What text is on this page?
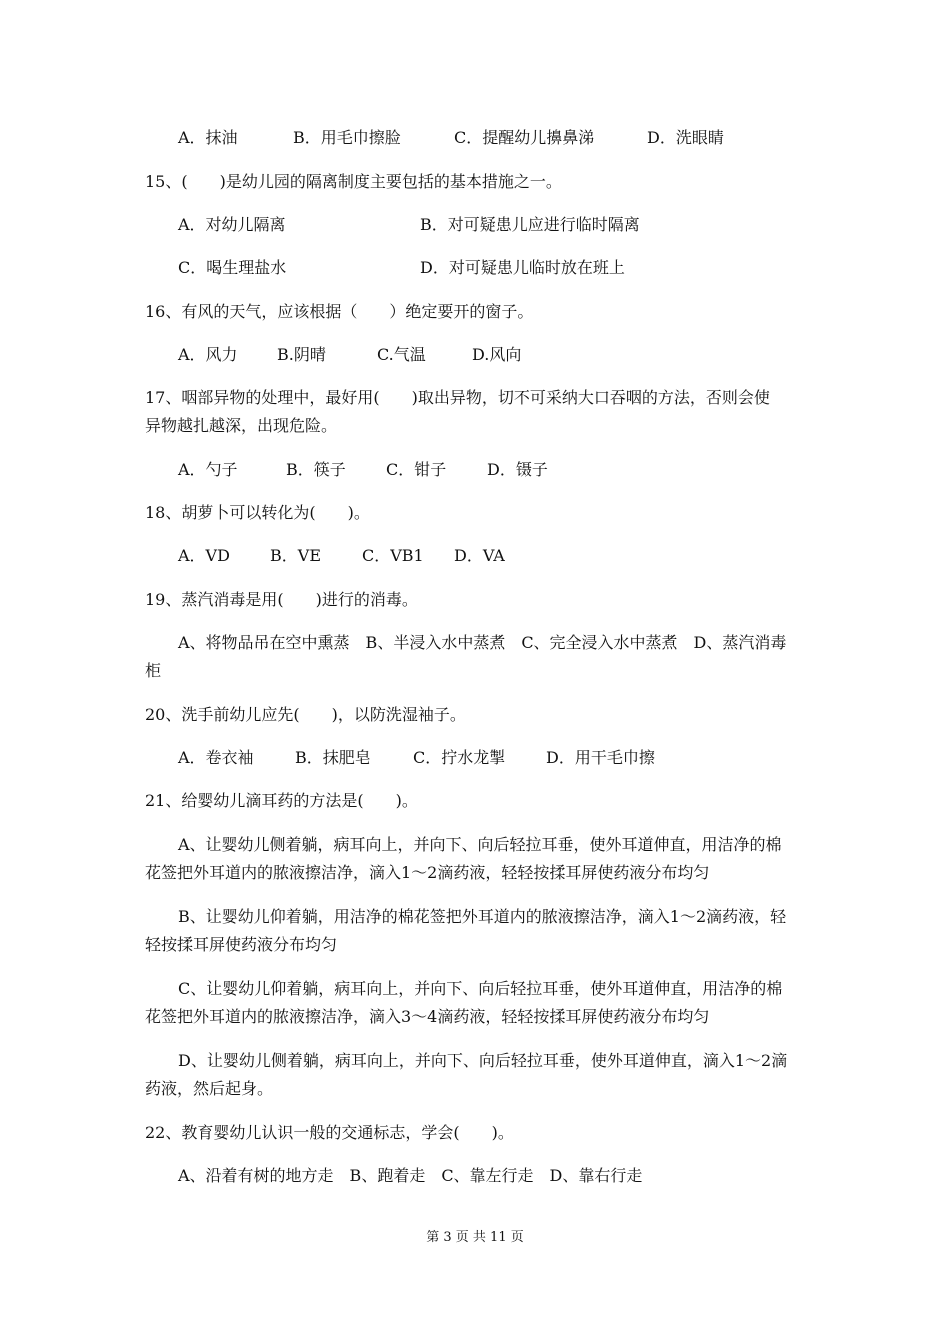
A．抹油	B．用毛巾擦脸	C．提醒幼儿擤鼻涕	D．洗眼睛
15、(　　)是幼儿园的隔离制度主要包括的基本措施之一。
A．对幼儿隔离	B．对可疑患儿应进行临时隔离
C．喝生理盐水	D．对可疑患儿临时放在班上
16、有风的天气，应该根据（　　）绝定要开的窗子。
A．风力 B.阴晴	C.气温	D.风向
17、咽部异物的处理中，最好用(　　)取出异物，切不可采纳大口吞咽的方法，否则会使
异物越扎越深，出现危险。
A．勺子	B．筷子	C．钳子	D．镊子
18、胡萝卜可以转化为(　　)。
A．VD	B．VE	C．VB1 D．VA
19、蒸汽消毒是用(　　)进行的消毒。
A、将物品吊在空中熏蒸　B、半浸入水中蒸煮　C、完全浸入水中蒸煮　D、蒸汽消毒
柜
20、洗手前幼儿应先(　　)，以防洗湿袖子。
A．卷衣袖	B．抹肥皂	C．拧水龙掣	D．用干毛巾擦
21、给婴幼儿滴耳药的方法是(　　)。
A、让婴幼儿侧着躺，病耳向上，并向下、向后轻拉耳垂，使外耳道伸直，用洁净的棉
花签把外耳道内的脓液擦洁净，滴入1～2滴药液，轻轻按揉耳屏使药液分布均匀
B、让婴幼儿仰着躺，用洁净的棉花签把外耳道内的脓液擦洁净，滴入1～2滴药液，轻
轻按揉耳屏使药液分布均匀
C、让婴幼儿仰着躺，病耳向上，并向下、向后轻拉耳垂，使外耳道伸直，用洁净的棉
花签把外耳道内的脓液擦洁净，滴入3～4滴药液，轻轻按揉耳屏使药液分布均匀
D、让婴幼儿侧着躺，病耳向上，并向下、向后轻拉耳垂，使外耳道伸直，滴入1～2滴
药液，然后起身。
22、教育婴幼儿认识一般的交通标志，学会(　　)。
A、沿着有树的地方走　B、跑着走　C、靠左行走　D、靠右行走
第 3 页 共 11 页
